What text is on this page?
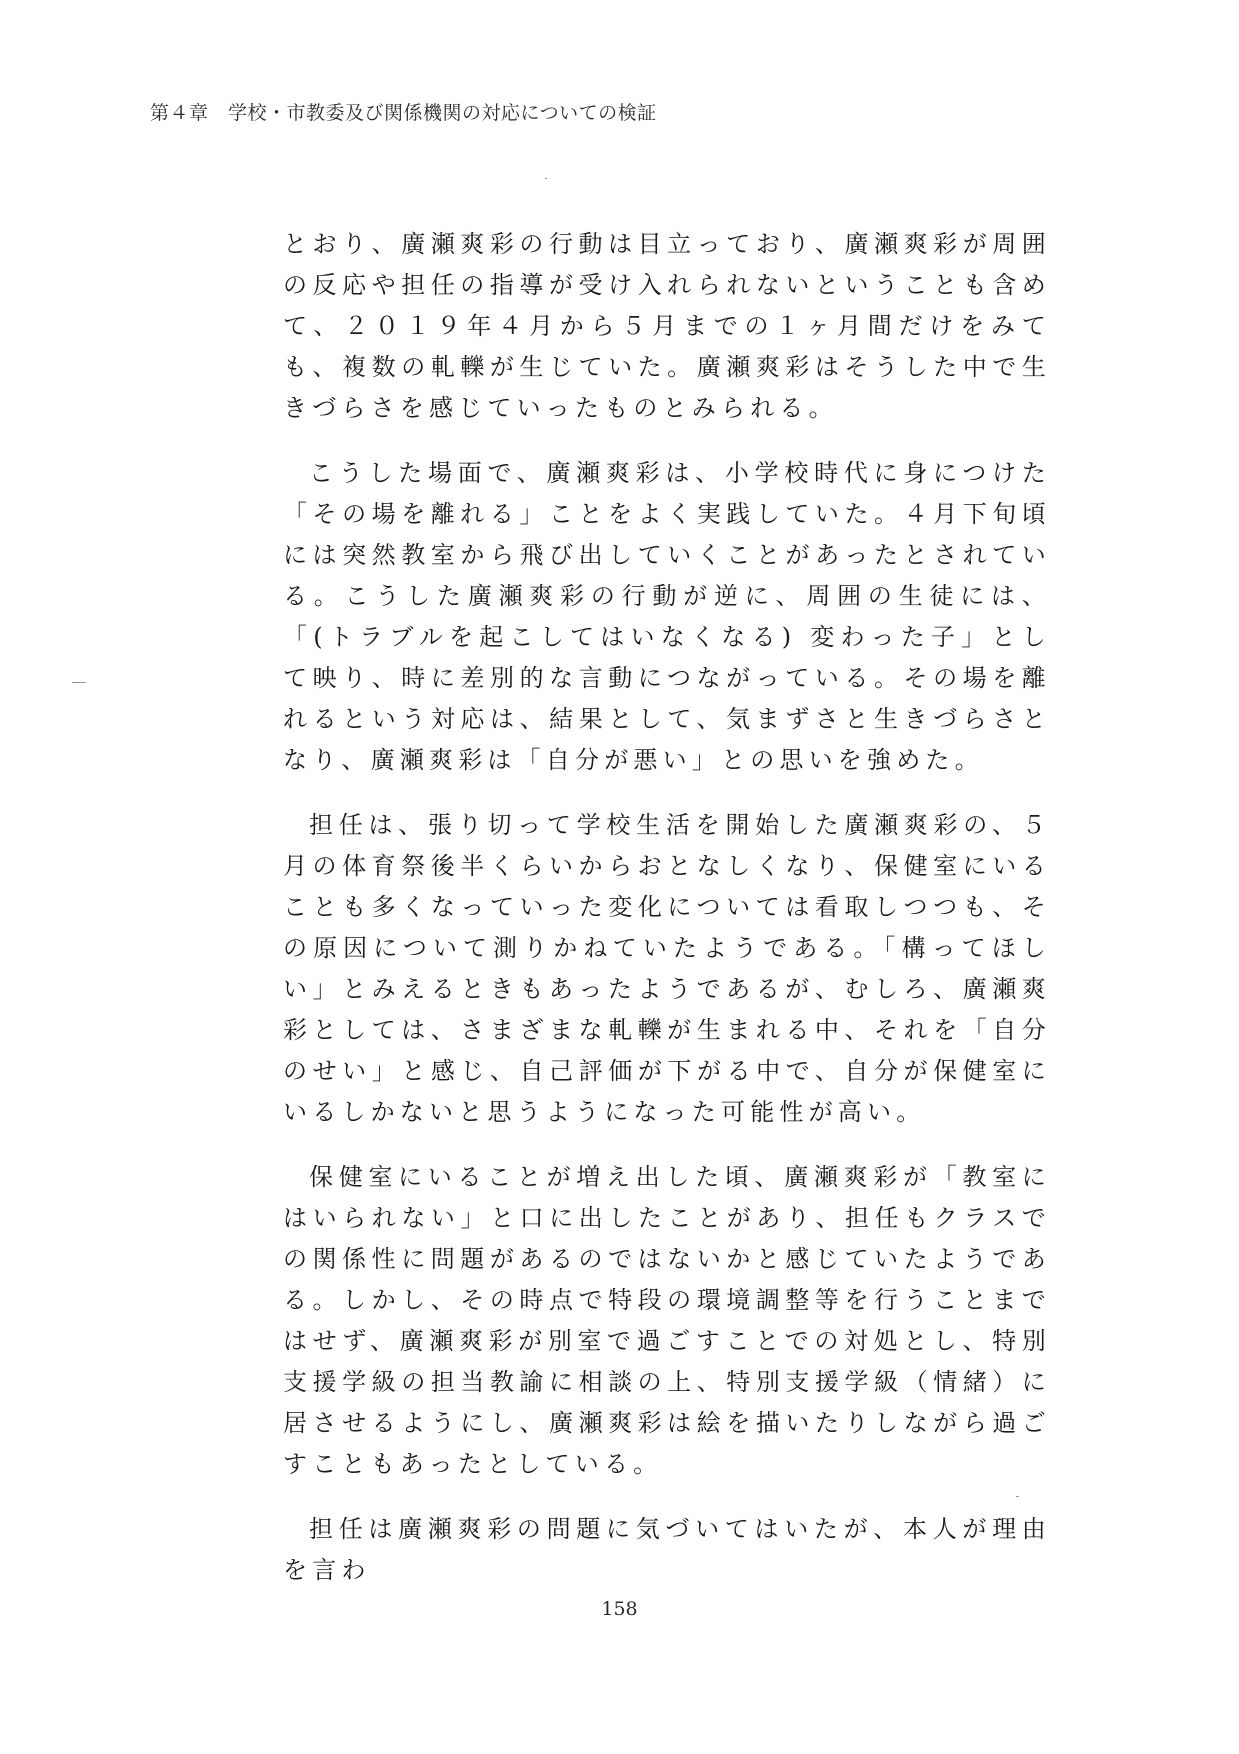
第４章　学校・市教委及び関係機関の対応についての検証

とおり、廣瀬爽彩の行動は目立っており、廣瀬爽彩が周囲の反応や担任の指導が受け入れられないということも含めて、２０１９年４月から５月までの１ヶ月間だけをみても、複数の軋轢が生じていた。廣瀬爽彩はそうした中で生きづらさを感じていったものとみられる。

こうした場面で、廣瀬爽彩は、小学校時代に身につけた「その場を離れる」ことをよく実践していた。４月下旬頃には突然教室から飛び出していくことがあったとされている。こうした廣瀬爽彩の行動が逆に、周囲の生徒には、「(トラブルを起こしてはいなくなる) 変わった子」として映り、時に差別的な言動につながっている。その場を離れるという対応は、結果として、気まずさと生きづらさとなり、廣瀬爽彩は「自分が悪い」との思いを強めた。

担任は、張り切って学校生活を開始した廣瀬爽彩の、５月の体育祭後半くらいからおとなしくなり、保健室にいることも多くなっていった変化については看取しつつも、その原因について測りかねていたようである。「構ってほしい」とみえるときもあったようであるが、むしろ、廣瀬爽彩としては、さまざまな軋轢が生まれる中、それを「自分のせい」と感じ、自己評価が下がる中で、自分が保健室にいるしかないと思うようになった可能性が高い。

保健室にいることが増え出した頃、廣瀬爽彩が「教室にはいられない」と口に出したことがあり、担任もクラスでの関係性に問題があるのではないかと感じていたようである。しかし、その時点で特段の環境調整等を行うことまではせず、廣瀬爽彩が別室で過ごすことでの対処とし、特別支援学級の担当教諭に相談の上、特別支援学級（情緒）に居させるようにし、廣瀬爽彩は絵を描いたりしながら過ごすこともあったとしている。

担任は廣瀬爽彩の問題に気づいてはいたが、本人が理由を言わ

158
